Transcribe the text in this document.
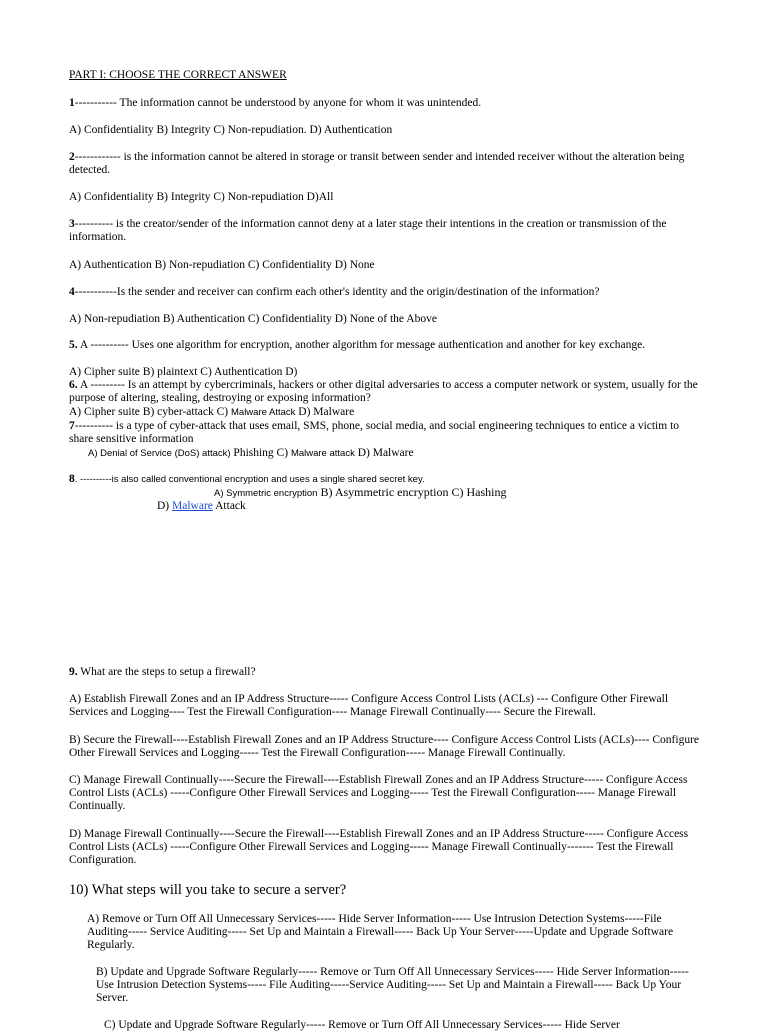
PART I: CHOOSE THE CORRECT ANSWER
1----------- The information cannot be understood by anyone for whom it was unintended.
A) Confidentiality B) Integrity C) Non-repudiation. D) Authentication
2------------ is the information cannot be altered in storage or transit between sender and intended receiver without the alteration being detected.
A) Confidentiality B) Integrity C) Non-repudiation D)All
3---------- is the creator/sender of the information cannot deny at a later stage their intentions in the creation or transmission of the information.
A) Authentication B) Non-repudiation C) Confidentiality D) None
4-----------Is the sender and receiver can confirm each other's identity and the origin/destination of the information?
A) Non-repudiation B) Authentication C) Confidentiality D) None of the Above
5. A ---------- Uses one algorithm for encryption, another algorithm for message authentication and another for key exchange.
A) Cipher suite B) plaintext C) Authentication D)
6. A --------- Is an attempt by cybercriminals, hackers or other digital adversaries to access a computer network or system, usually for the purpose of altering, stealing, destroying or exposing information?
A) Cipher suite B) cyber-attack C) Malware Attack D) Malware
7---------- is a type of cyber-attack that uses email, SMS, phone, social media, and social engineering techniques to entice a victim to share sensitive information
A) Denial of Service (DoS) attack) Phishing C) Malware attack D) Malware
8. ----------is also called conventional encryption and uses a single shared secret key.
A) Symmetric encryption B) Asymmetric encryption C) Hashing
D) Malware Attack
9. What are the steps to setup a firewall?
A) Establish Firewall Zones and an IP Address Structure----- Configure Access Control Lists (ACLs) --- Configure Other Firewall Services and Logging---- Test the Firewall Configuration---- Manage Firewall Continually---- Secure the Firewall.
B) Secure the Firewall----Establish Firewall Zones and an IP Address Structure---- Configure Access Control Lists (ACLs)---- Configure Other Firewall Services and Logging----- Test the Firewall Configuration----- Manage Firewall Continually.
C) Manage Firewall Continually----Secure the Firewall----Establish Firewall Zones and an IP Address Structure----- Configure Access Control Lists (ACLs) -----Configure Other Firewall Services and Logging----- Test the Firewall Configuration----- Manage Firewall Continually.
D) Manage Firewall Continually----Secure the Firewall----Establish Firewall Zones and an IP Address Structure----- Configure Access Control Lists (ACLs) -----Configure Other Firewall Services and Logging----- Manage Firewall Continually------- Test the Firewall Configuration.
10) What steps will you take to secure a server?
A) Remove or Turn Off All Unnecessary Services----- Hide Server Information----- Use Intrusion Detection Systems-----File Auditing----- Service Auditing----- Set Up and Maintain a Firewall----- Back Up Your Server-----Update and Upgrade Software Regularly.
B) Update and Upgrade Software Regularly----- Remove or Turn Off All Unnecessary Services----- Hide Server Information----- Use Intrusion Detection Systems----- File Auditing-----Service Auditing----- Set Up and Maintain a Firewall----- Back Up Your Server.
C) Update and Upgrade Software Regularly----- Remove or Turn Off All Unnecessary Services----- Hide Server
